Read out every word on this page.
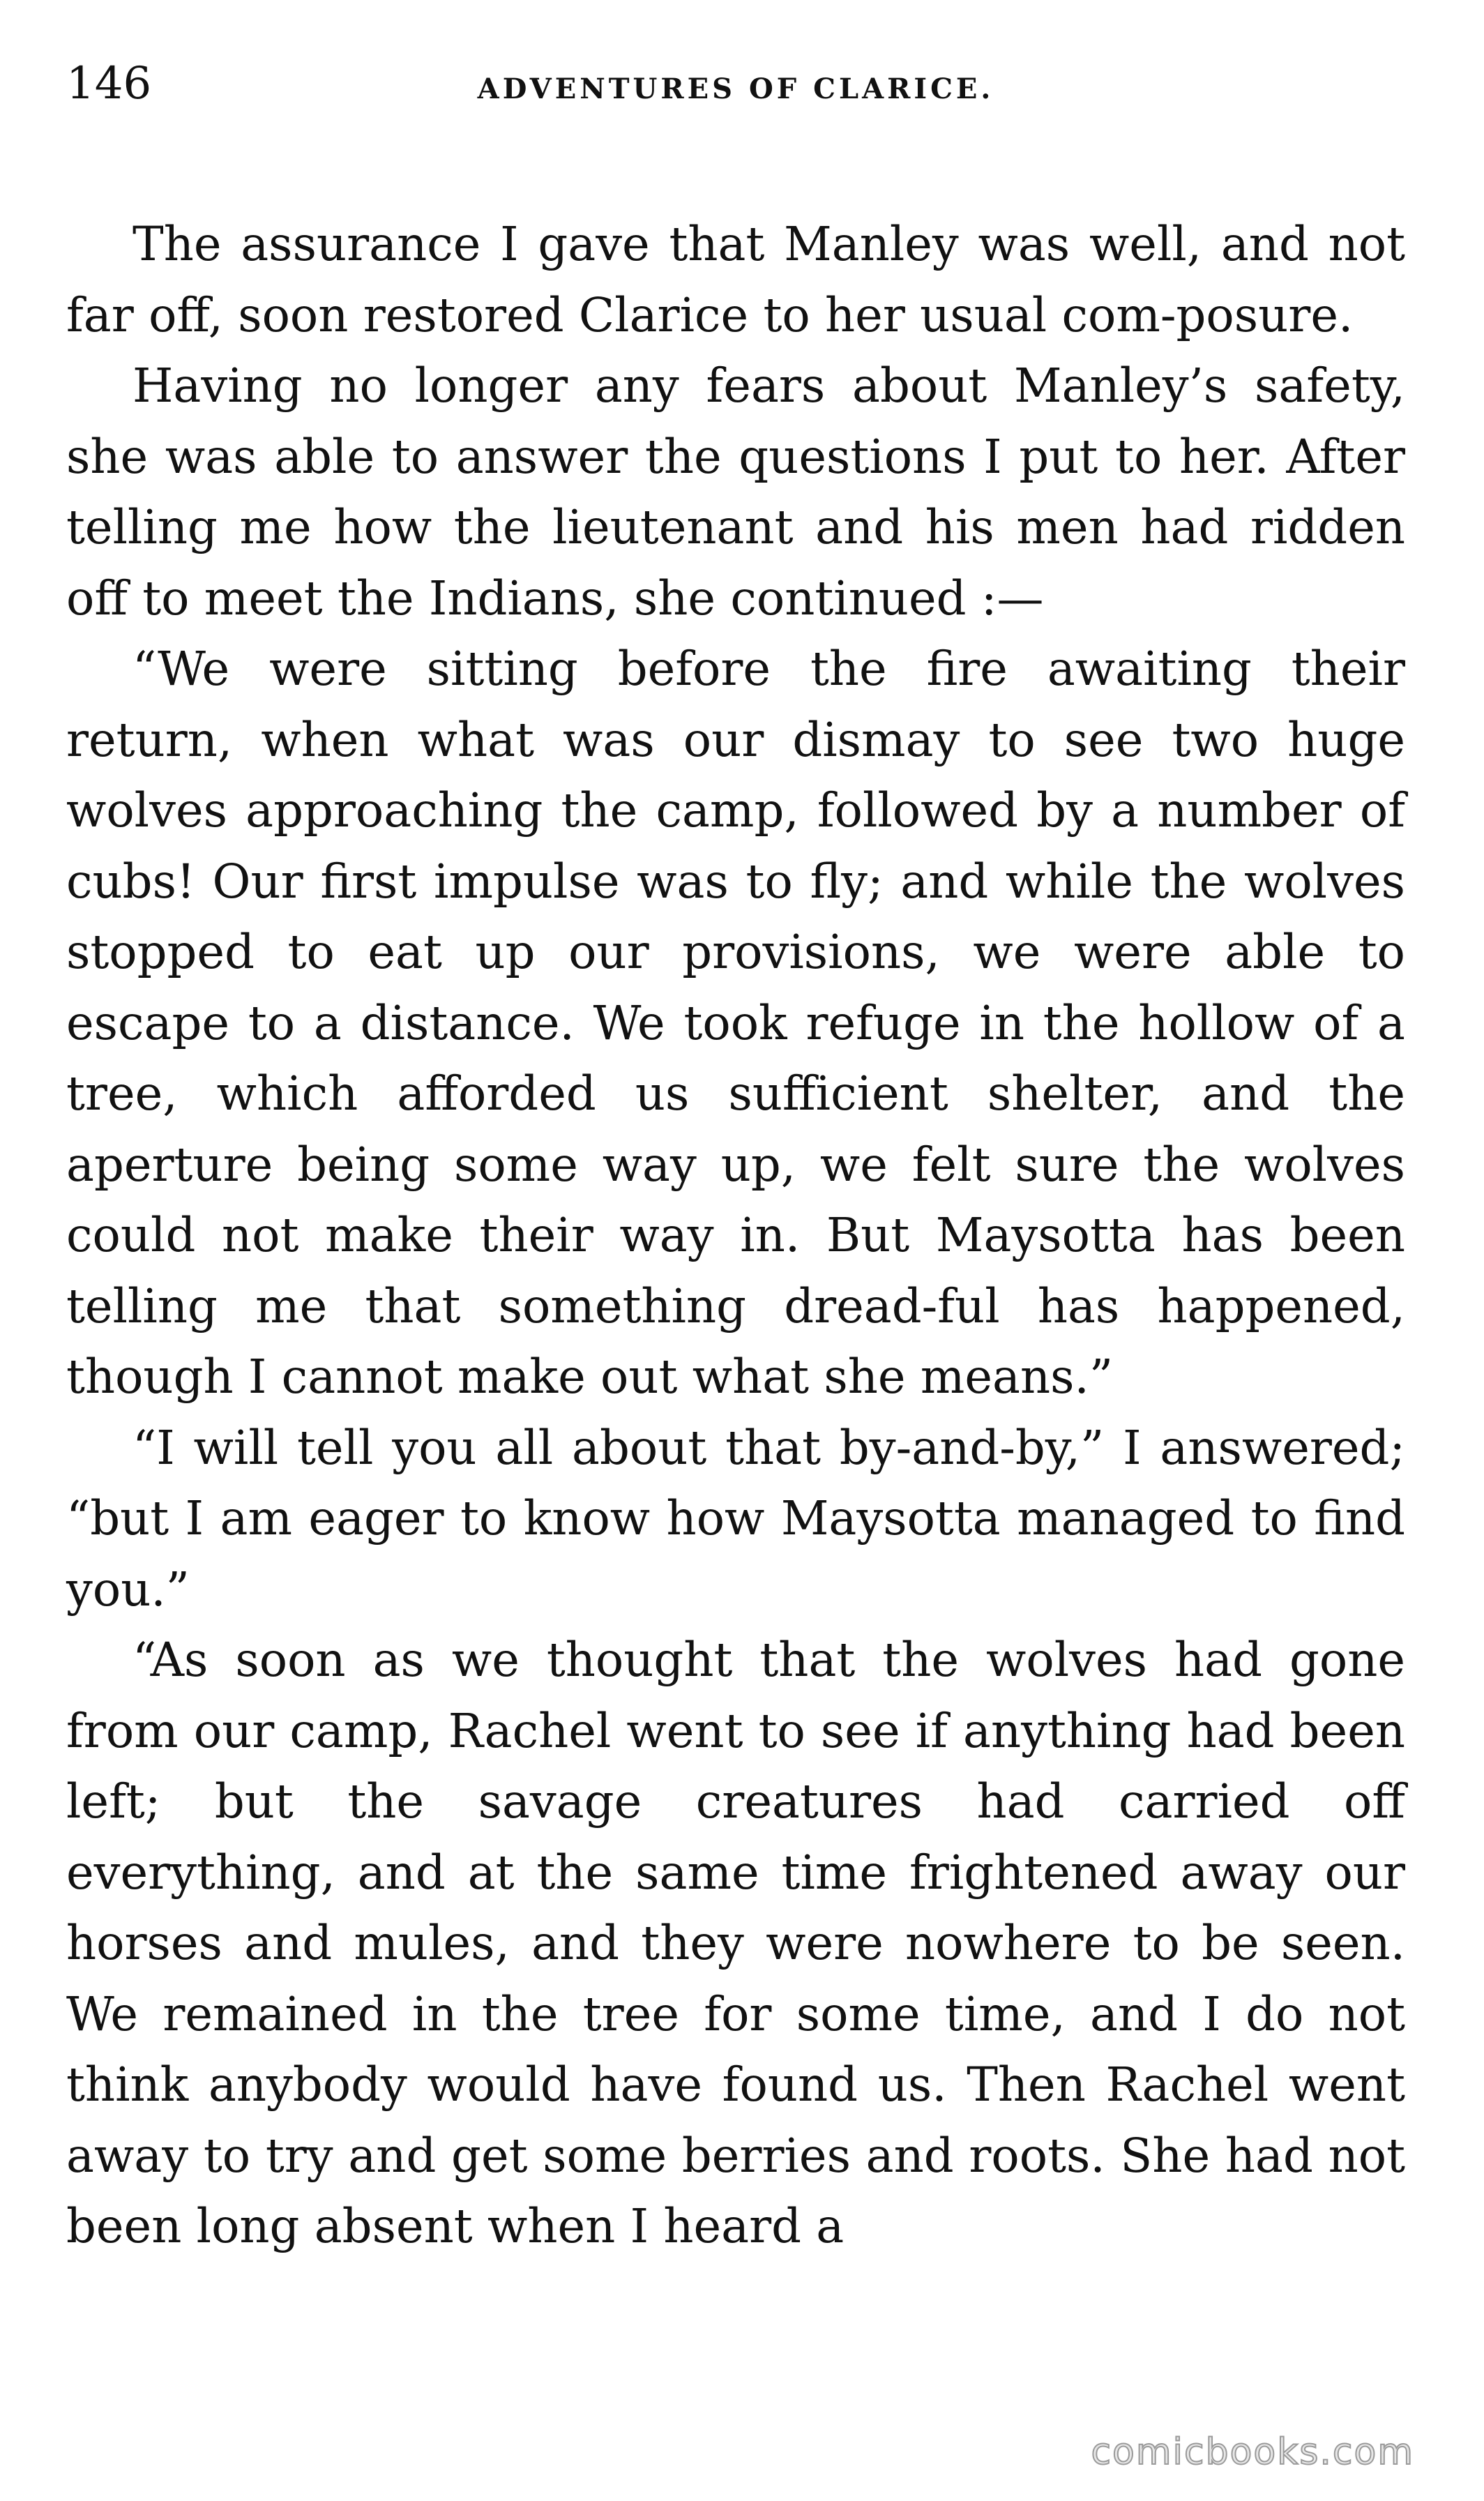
146	ADVENTURES OF CLARICE.

The assurance I gave that Manley was well, and not far off, soon restored Clarice to her usual com-posure.

Having no longer any fears about Manley’s safety, she was able to answer the questions I put to her. After telling me how the lieutenant and his men had ridden off to meet the Indians, she continued :—

“We were sitting before the fire awaiting their return, when what was our dismay to see two huge wolves approaching the camp, followed by a number of cubs! Our first impulse was to fly; and while the wolves stopped to eat up our provisions, we were able to escape to a distance. We took refuge in the hollow of a tree, which afforded us sufficient shelter, and the aperture being some way up, we felt sure the wolves could not make their way in. But Maysotta has been telling me that something dread-ful has happened, though I cannot make out what she means.”

“I will tell you all about that by-and-by,” I answered; “but I am eager to know how Maysotta managed to find you.”

“As soon as we thought that the wolves had gone from our camp, Rachel went to see if anything had been left; but the savage creatures had carried off everything, and at the same time frightened away our horses and mules, and they were nowhere to be seen. We remained in the tree for some time, and I do not think anybody would have found us. Then Rachel went away to try and get some berries and roots. She had not been long absent when I heard a

comicbooks.com
